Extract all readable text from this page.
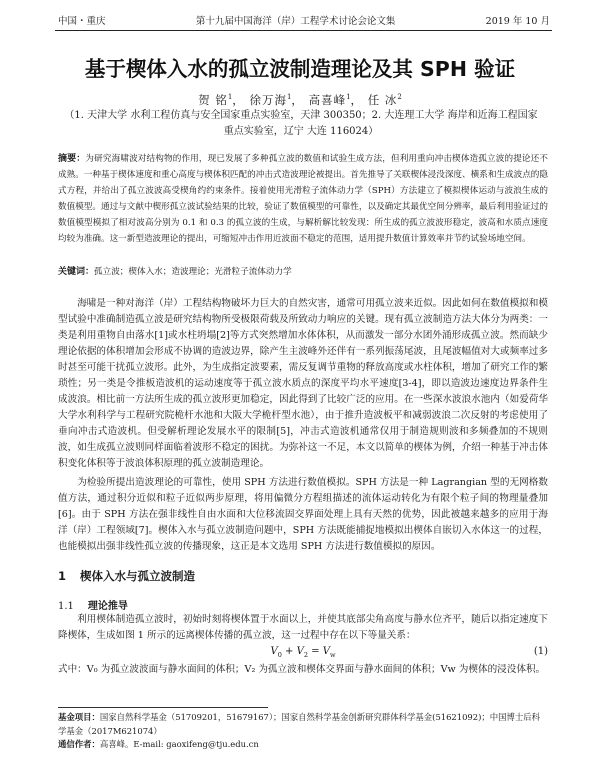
中国・重庆	第十九届中国海洋（岸）工程学术讨论会论文集	2019 年 10 月
基于楔体入水的孤立波制造理论及其 SPH 验证
贺 铭$^1$， 徐万海$^1$， 高喜峰$^1$， 任 冰$^2$
（1. 天津大学 水利工程仿真与安全国家重点实验室，天津 300350；2. 大连理工大学 海岸和近海工程国家重点实验室，辽宁 大连 116024）
摘要：为研究海啸波对结构物的作用，现已发展了多种孤立波的数值和试验生成方法，但利用重向冲击楔体造孤立波的提论还不成熟。一种基于楔体速度和重心高度与楔体积匹配的冲击式造波理论被提出。首先推导了关联楔体浸没深度、横系和生成波点的隐式方程，并给出了孤立波波高受楔角约约束条件。接着使用光滑粒子流体动力学（SPH）方法建立了模拟楔体运动与波浪生成的数值模型。通过与文献中楔形孤立波试验结果的比较，验证了数值模型的可靠性，以及确定其最优空间分辨率，最后利用验证过的数值模型模拟了相对波高分别为 0.1 和 0.3 的孤立波的生成，与解析解比较发现：所生成的孤立波波形稳定，波高和水质点速度均较为准确。这一新型造波理论的提出，可缩短冲击作用近波面不稳定的范围，适用提升数值计算效率并节约试验场地空间。
关键词：孤立波；楔体入水；造波理论；光滑粒子流体动力学
海啸是一种对海洋（岸）工程结构物破坏力巨大的自然灾害，通常可用孤立波来近似。因此如何在数值模拟和模型试验中准确制造孤立波是研究结构物所受极限荷载及所致动力响应的关键。现有孤立波制造方法大体分为两类：一类是利用重物自由落水[1]或水柱坍塌[2]等方式突然增加水体体积，从而激发一部分水团外涌形成孤立波。然而缺少理论依据的体积增加会形成不协调的造波边界，除产生主波峰外还伴有一系列振荡尾波，且尾波幅值对大或频率过多时甚至可能干扰孤立波形。此外，为生成指定波要素，需反复调节重物的释放高度或水柱体积，增加了研究工作的繁琐性；另一类是令推板造波机的运动速度等于孤立波水质点的深度平均水平速度[3-4]，即以造波边速度边界条件生成波浪。相比前一方法所生成的孤立波形更加稳定，因此得到了比较广泛的应用。在一些深水波浪水池内（如爱荷华大学水利科学与工程研究院桅杆水池和大阪大学桅杆型水池），由于推升造波板平和减弱波浪二次反射的考虑使用了垂向冲击式造波机。但受解析理论发展水平的限制[5]，冲击式造波机通常仅用于制造规则波和多频叠加的不规则波，如生成孤立波则同样面临着波形不稳定的困扰。为弥补这一不足，本文以简单的楔体为例，介绍一种基于冲击体积变化体积等于波浪体积原理的孤立波制造理论。
为检验所提出造波理论的可靠性，使用 SPH 方法进行数值模拟。SPH 方法是一种 Lagrangian 型的无网格数值方法，通过积分近似和粒子近似两步原理，将用偏微分方程组描述的流体运动转化为有限个粒子间的物理量叠加[6]。由于 SPH 方法在强非线性自由水面和大位移流固交界面处理上具有天然的优势，因此被越来越多的应用于海洋（岸）工程领域[7]。楔体入水与孤立波制造问题中，SPH 方法既能捕捉地模拟出楔体自嵌切入水体这一的过程，也能模拟出强非线性孤立波的传播现象，这正是本文选用 SPH 方法进行数值模拟的原因。
1 楔体入水与孤立波制造
1.1 理论推导
利用楔体制造孤立波时，初始时刻将楔体置于水面以上，并使其底部尖角高度与静水位齐平，随后以指定速度下降楔体，生成如图 1 所示的远离楔体传播的孤立波，这一过程中存在以下等量关系：
$V_0 + V_2 = V_w$	(1)
式中：V₀ 为孤立波波面与静水面间的体积；V₂ 为孤立波和楔体交界面与静水面间的体积；Vw 为楔体的浸没体积。
基金项目：国家自然科学基金（51709201，51679167）；国家自然科学基金创新研究群体科学基金(51621092)；中国博士后科学基金（2017M621074）
通信作者：高喜峰。E-mail: gaoxifeng@tju.edu.cn
